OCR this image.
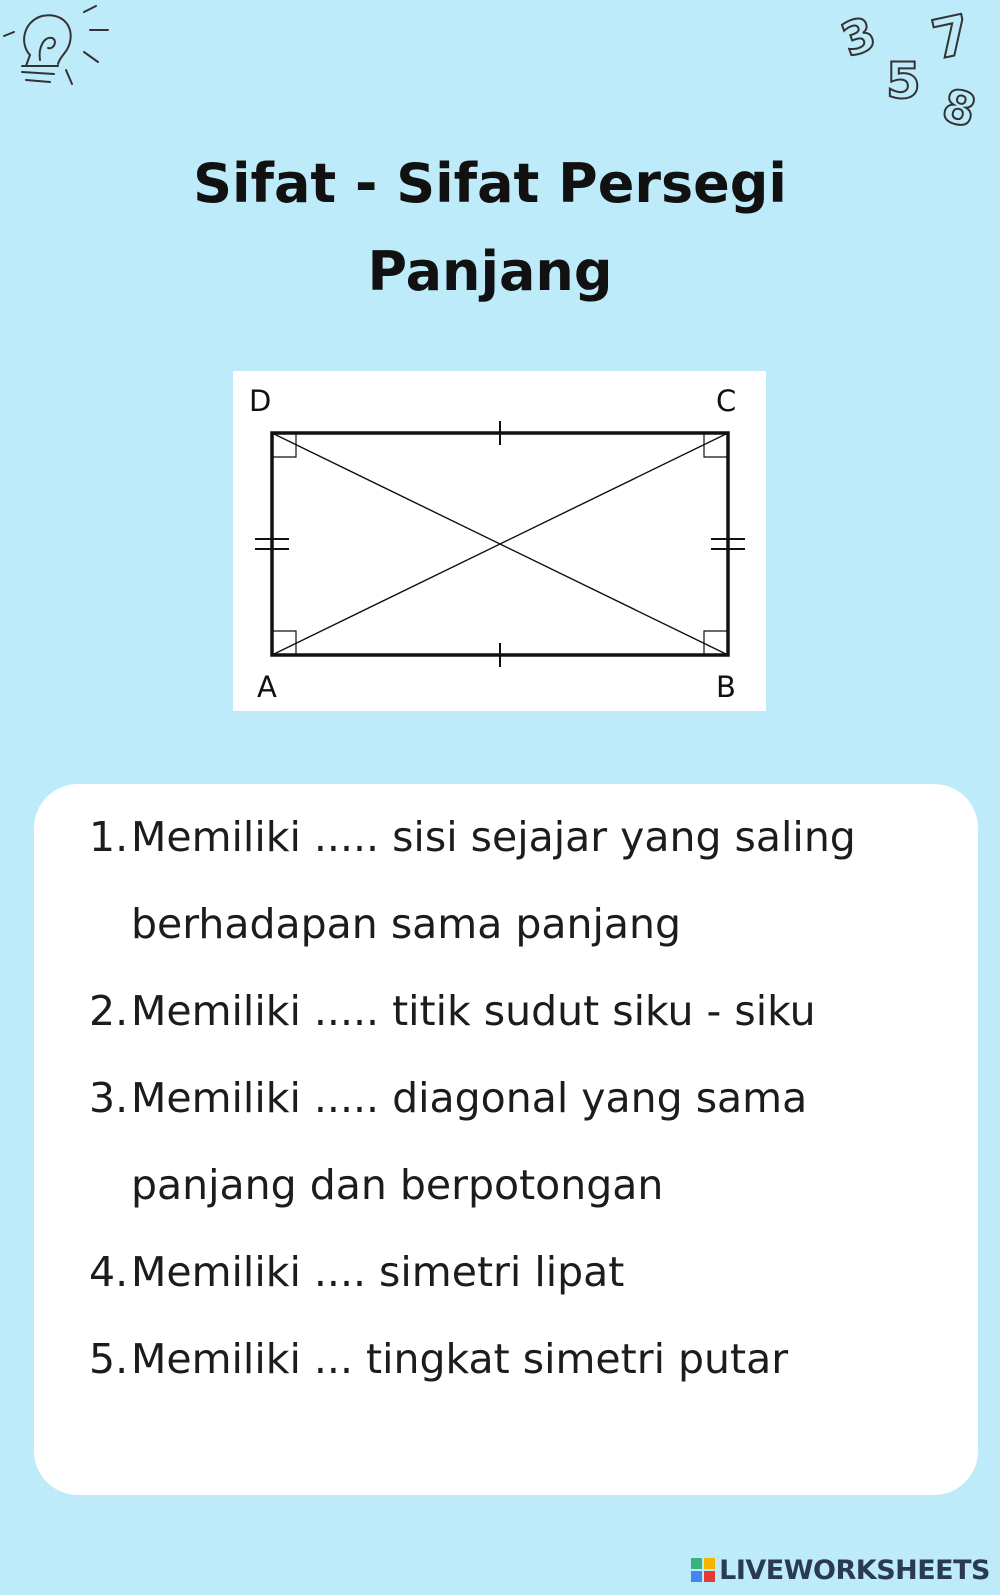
3
5
7
8
Sifat - Sifat Persegi
Panjang
D	C
A	B
1. Memiliki ..... sisi sejajar yang saling berhadapan sama panjang
2. Memiliki ..... titik sudut siku - siku
3. Memiliki ..... diagonal yang sama panjang dan berpotongan
4. Memiliki .... simetri lipat
5. Memiliki ... tingkat simetri putar
LIVEWORKSHEETS
